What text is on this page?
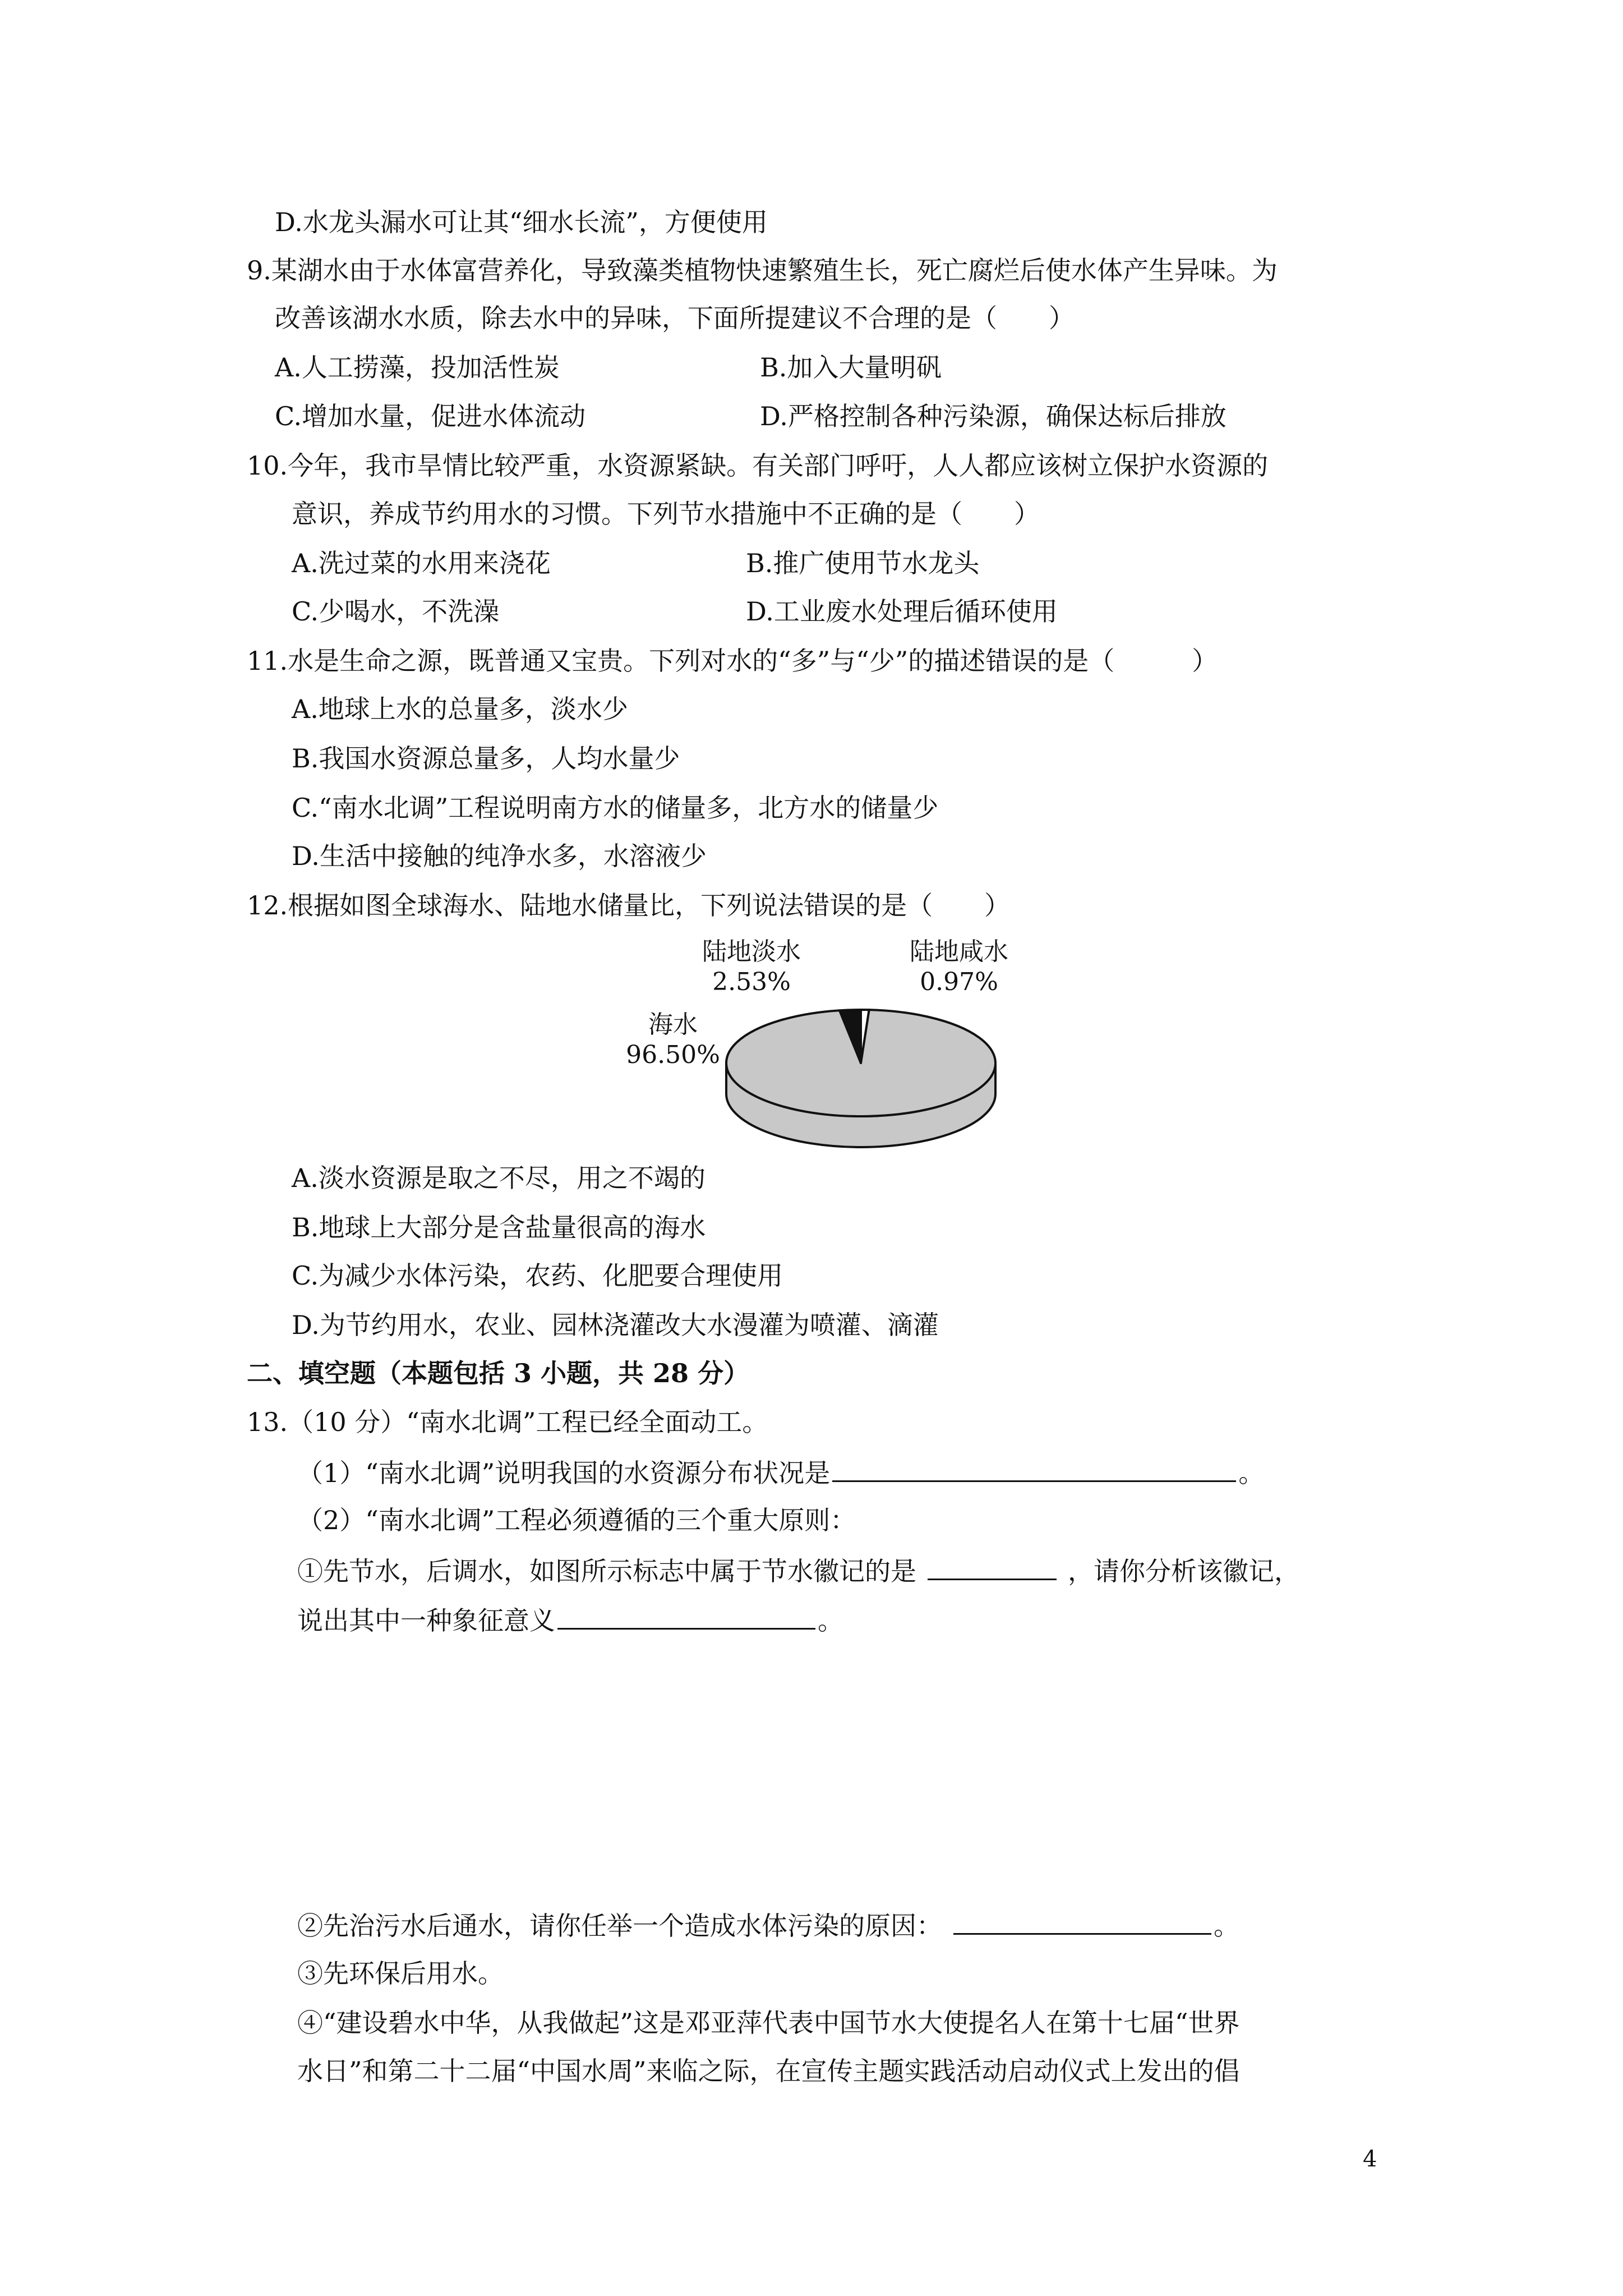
D.水龙头漏水可让其“细水长流”，方便使用
9.某湖水由于水体富营养化，导致藻类植物快速繁殖生长，死亡腐烂后使水体产生异味。为
改善该湖水水质，除去水中的异味，下面所提建议不合理的是（　　）
A.人工捞藻，投加活性炭	B.加入大量明矾
C.增加水量，促进水体流动	D.严格控制各种污染源，确保达标后排放
10.今年，我市旱情比较严重，水资源紧缺。有关部门呼吁，人人都应该树立保护水资源的
意识，养成节约用水的习惯。下列节水措施中不正确的是（　　）
A.洗过菜的水用来浇花	B.推广使用节水龙头
C.少喝水，不洗澡	D.工业废水处理后循环使用
11.水是生命之源，既普通又宝贵。下列对水的“多”与“少”的描述错误的是（　　　）
A.地球上水的总量多，淡水少
B.我国水资源总量多，人均水量少
C.“南水北调”工程说明南方水的储量多，北方水的储量少
D.生活中接触的纯净水多，水溶液少
12.根据如图全球海水、陆地水储量比，下列说法错误的是（　　）
陆地淡水
2.53%
陆地咸水
0.97%
海水
96.50%
A.淡水资源是取之不尽，用之不竭的
B.地球上大部分是含盐量很高的海水
C.为减少水体污染，农药、化肥要合理使用
D.为节约用水，农业、园林浇灌改大水漫灌为喷灌、滴灌
二、填空题（本题包括 3 小题，共 28 分）
13.（10 分）“南水北调”工程已经全面动工。
（1）“南水北调”说明我国的水资源分布状况是	。
（2）“南水北调”工程必须遵循的三个重大原则：
①先节水，后调水，如图所示标志中属于节水徽记的是	，请你分析该徽记，
说出其中一种象征意义	。
②先治污水后通水，请你任举一个造成水体污染的原因：	。
③先环保后用水。
④“建设碧水中华，从我做起”这是邓亚萍代表中国节水大使提名人在第十七届“世界
水日”和第二十二届“中国水周”来临之际，在宣传主题实践活动启动仪式上发出的倡
4
